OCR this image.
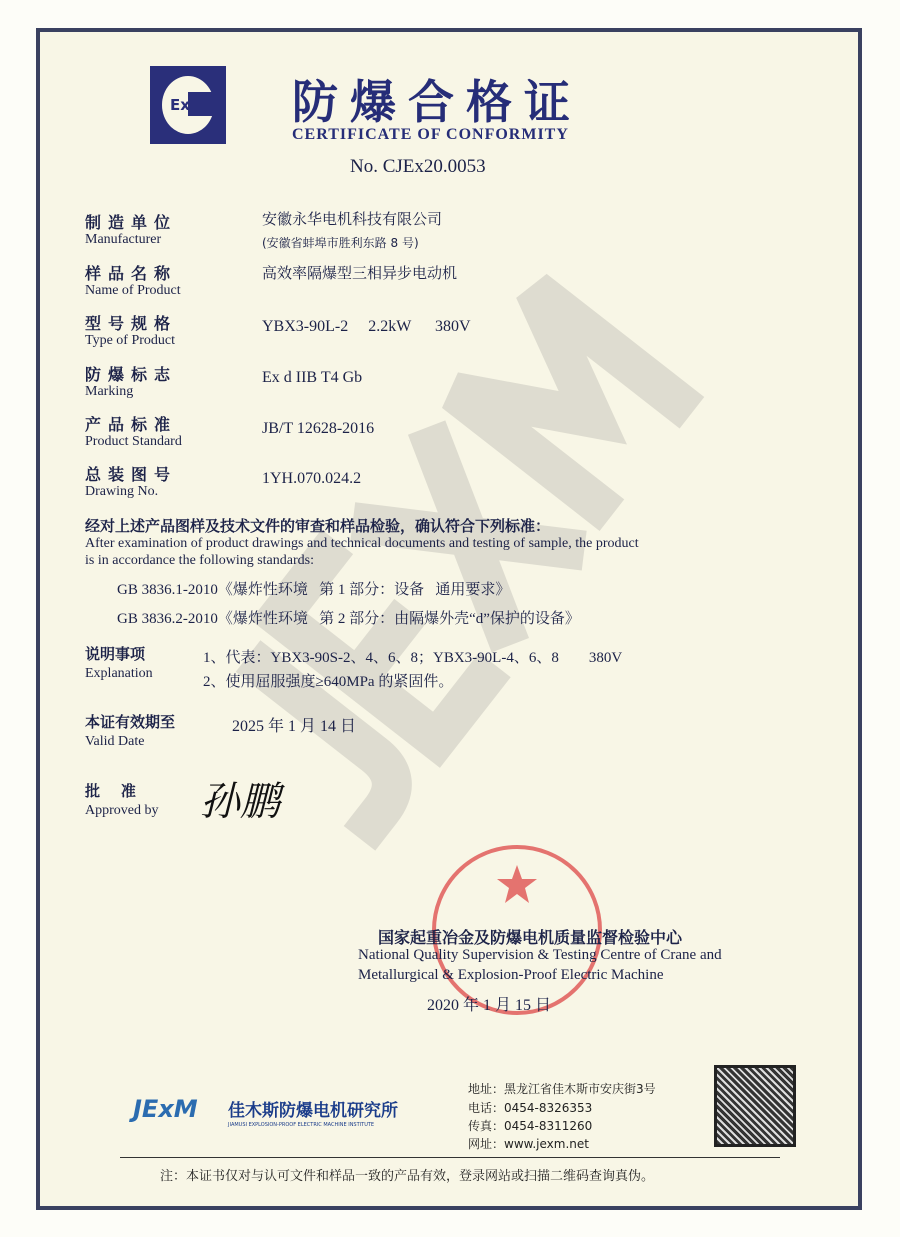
Ex 防爆合格证
CERTIFICATE OF CONFORMITY
No. CJEx20.0053
制造单位
Manufacturer
安徽永华电机科技有限公司
(安徽省蚌埠市胜利东路 8 号)
样品名称
Name of Product
高效率隔爆型三相异步电动机
型号规格
Type of Product
YBX3-90L-2     2.2kW      380V
防爆标志
Marking
Ex d IIB T4 Gb
产品标准
Product Standard
JB/T 12628-2016
总装图号
Drawing No.
1YH.070.024.2
经对上述产品图样及技术文件的审查和样品检验，确认符合下列标准：
After examination of product drawings and technical documents and testing of sample, the product
is in accordance the following standards:
GB 3836.1-2010《爆炸性环境   第 1 部分：设备   通用要求》
GB 3836.2-2010《爆炸性环境   第 2 部分：由隔爆外壳“d”保护的设备》
说明事项
Explanation
1、代表：YBX3-90S-2、4、6、8；YBX3-90L-4、6、8        380V
2、使用屈服强度≥640MPa 的紧固件。
本证有效期至
Valid Date
2025 年 1 月 14 日
批    准
Approved by 孙鹏
国家起重冶金及防爆电机质量监督检验中心
National Quality Supervision & Testing Centre of Crane and
Metallurgical & Explosion-Proof Electric Machine
2020 年 1 月 15 日
JExM 佳木斯防爆电机研究所
JIAMUSI EXPLOSION-PROOF ELECTRIC MACHINE INSTITUTE
地址：黑龙江省佳木斯市安庆街3号
电话：0454-8326353
传真：0454-8311260
网址：www.jexm.net
注：本证书仅对与认可文件和样品一致的产品有效，登录网站或扫描二维码查询真伪。
